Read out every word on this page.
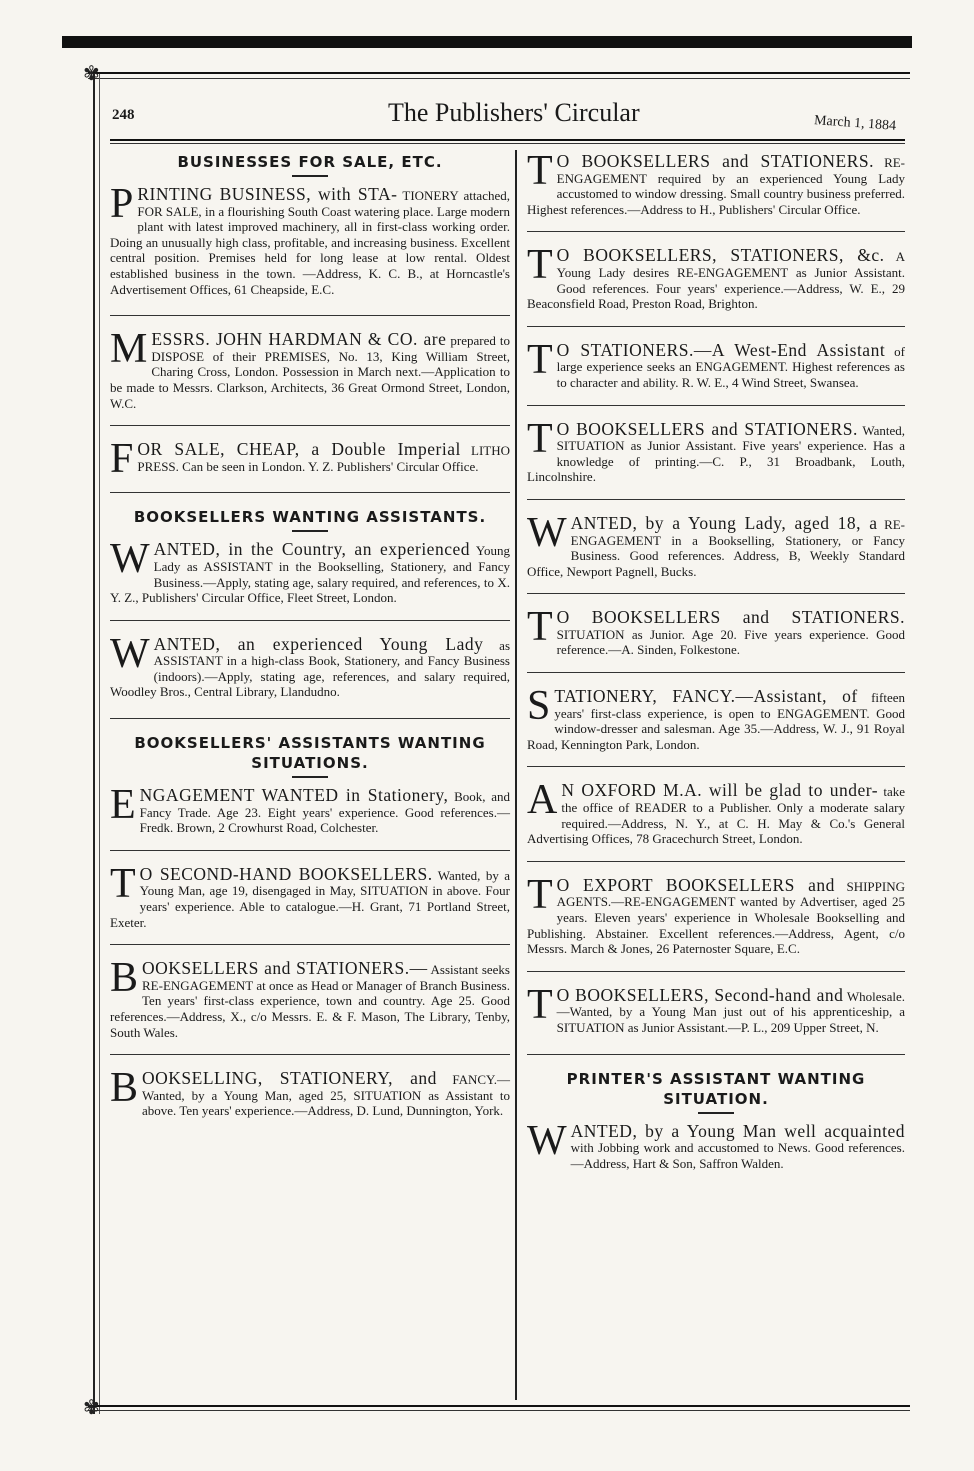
✾
✾
248	The Publishers' Circular	March 1, 1884
BUSINESSES FOR SALE, ETC.

PRINTING BUSINESS, with STA- TIONERY attached, FOR SALE, in a flourishing South Coast watering place. Large modern plant with latest improved machinery, all in first-class working order. Doing an unusually high class, profitable, and increasing business. Excellent central position. Premises held for long lease at low rental. Oldest established business in the town. —Address, K. C. B., at Horncastle's Advertisement Offices, 61 Cheapside, E.C.

MESSRS. JOHN HARDMAN & CO. are prepared to DISPOSE of their PREMISES, No. 13, King William Street, Charing Cross, London. Possession in March next.—Application to be made to Messrs. Clarkson, Architects, 36 Great Ormond Street, London, W.C.

FOR SALE, CHEAP, a Double Imperial LITHO PRESS. Can be seen in London. Y. Z. Publishers' Circular Office.

BOOKSELLERS WANTING ASSISTANTS.

WANTED, in the Country, an experienced Young Lady as ASSISTANT in the Bookselling, Stationery, and Fancy Business.—Apply, stating age, salary required, and references, to X. Y. Z., Publishers' Circular Office, Fleet Street, London.

WANTED, an experienced Young Lady as ASSISTANT in a high-class Book, Stationery, and Fancy Business (indoors).—Apply, stating age, references, and salary required, Woodley Bros., Central Library, Llandudno.

BOOKSELLERS' ASSISTANTS WANTING SITUATIONS.

ENGAGEMENT WANTED in Stationery, Book, and Fancy Trade. Age 23. Eight years' experience. Good references.—Fredk. Brown, 2 Crowhurst Road, Colchester.

T O SECOND-HAND BOOKSELLERS. Wanted, by a Young Man, age 19, disengaged in May, SITUATION in above. Four years' experience. Able to catalogue.—H. Grant, 71 Portland Street, Exeter.

BOOKSELLERS and STATIONERS.— Assistant seeks RE-ENGAGEMENT at once as Head or Manager of Branch Business. Ten years' first-class experience, town and country. Age 25. Good references.—Address, X., c/o Messrs. E. & F. Mason, The Library, Tenby, South Wales.

BOOKSELLING, STATIONERY, and FANCY.—Wanted, by a Young Man, aged 25, SITUATION as Assistant to above. Ten years' experience.—Address, D. Lund, Dunnington, York.

T O BOOKSELLERS and STATIONERS. RE-ENGAGEMENT required by an experienced Young Lady accustomed to window dressing. Small country business preferred. Highest references.—Address to H., Publishers' Circular Office.

T O BOOKSELLERS, STATIONERS, &c. A Young Lady desires RE-ENGAGEMENT as Junior Assistant. Good references. Four years' experience.—Address, W. E., 29 Beaconsfield Road, Preston Road, Brighton.

T O STATIONERS.—A West-End Assistant of large experience seeks an ENGAGEMENT. Highest references as to character and ability. R. W. E., 4 Wind Street, Swansea.

T O BOOKSELLERS and STATIONERS. Wanted, SITUATION as Junior Assistant. Five years' experience. Has a knowledge of printing.—C. P., 31 Broadbank, Louth, Lincolnshire.

WANTED, by a Young Lady, aged 18, a RE-ENGAGEMENT in a Bookselling, Stationery, or Fancy Business. Good references. Address, B, Weekly Standard Office, Newport Pagnell, Bucks.

T O BOOKSELLERS and STATIONERS. SITUATION as Junior. Age 20. Five years experience. Good reference.—A. Sinden, Folkestone.

STATIONERY, FANCY.—Assistant, of fifteen years' first-class experience, is open to ENGAGEMENT. Good window-dresser and salesman. Age 35.—Address, W. J., 91 Royal Road, Kennington Park, London.

A N OXFORD M.A. will be glad to under- take the office of READER to a Publisher. Only a moderate salary required.—Address, N. Y., at C. H. May & Co.'s General Advertising Offices, 78 Gracechurch Street, London.

T O EXPORT BOOKSELLERS and SHIPPING AGENTS.—RE-ENGAGEMENT wanted by Advertiser, aged 25 years. Eleven years' experience in Wholesale Bookselling and Publishing. Abstainer. Excellent references.—Address, Agent, c/o Messrs. March & Jones, 26 Paternoster Square, E.C.

T O BOOKSELLERS, Second-hand and Wholesale.—Wanted, by a Young Man just out of his apprenticeship, a SITUATION as Junior Assistant.—P. L., 209 Upper Street, N.

PRINTER'S ASSISTANT WANTING SITUATION.

WANTED, by a Young Man well acquainted with Jobbing work and accustomed to News. Good references.—Address, Hart & Son, Saffron Walden.
